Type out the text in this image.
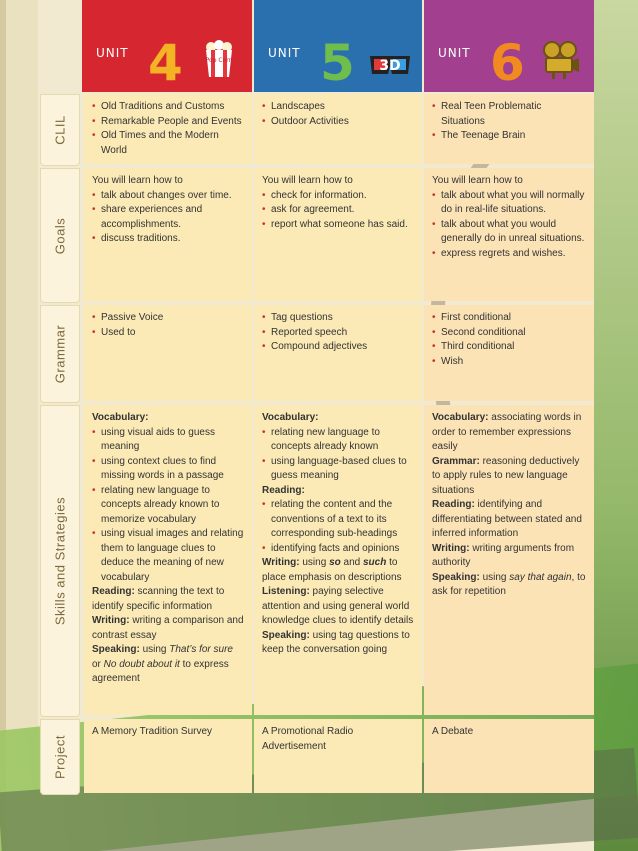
UNIT 4	Pop Corn
UNIT 5 3D
UNIT 6
CLIL
Goals
Grammar
Skills and Strategies
Project
• Old Traditions and Customs
• Remarkable People and Events
• Old Times and the Modern World
• Landscapes
• Outdoor Activities
• Real Teen Problematic Situations
• The Teenage Brain

You will learn how to

• talk about changes over time.
• share experiences and accomplishments.
• discuss traditions.

You will learn how to

• check for information.
• ask for agreement.
• report what someone has said.

You will learn how to

• talk about what you will normally do in real-life situations.
• talk about what you would generally do in unreal situations.
• express regrets and wishes.
• Passive Voice
• Used to
• Tag questions
• Reported speech
• Compound adjectives
• First conditional
• Second conditional
• Third conditional
• Wish

Vocabulary:

• using visual aids to guess meaning
• using context clues to find missing words in a passage
• relating new language to concepts already known to memorize vocabulary
• using visual images and relating them to language clues to deduce the meaning of new vocabulary

Reading: scanning the text to identify specific information

Writing: writing a comparison and contrast essay

Speaking: using That’s for sure or No doubt about it to express agreement

Vocabulary:

• relating new language to concepts already known
• using language-based clues to guess meaning

Reading:

• relating the content and the conventions of a text to its corresponding sub-headings
• identifying facts and opinions

Writing: using so and such to place emphasis on descriptions

Listening: paying selective attention and using general world knowledge clues to identify details

Speaking: using tag questions to keep the conversation going

Vocabulary: associating words in order to remember expressions easily

Grammar: reasoning deductively to apply rules to new language situations

Reading: identifying and differentiating between stated and inferred information

Writing: writing arguments from authority

Speaking: using say that again, to ask for repetition

A Memory Tradition Survey	A Promotional Radio Advertisement

A Debate
